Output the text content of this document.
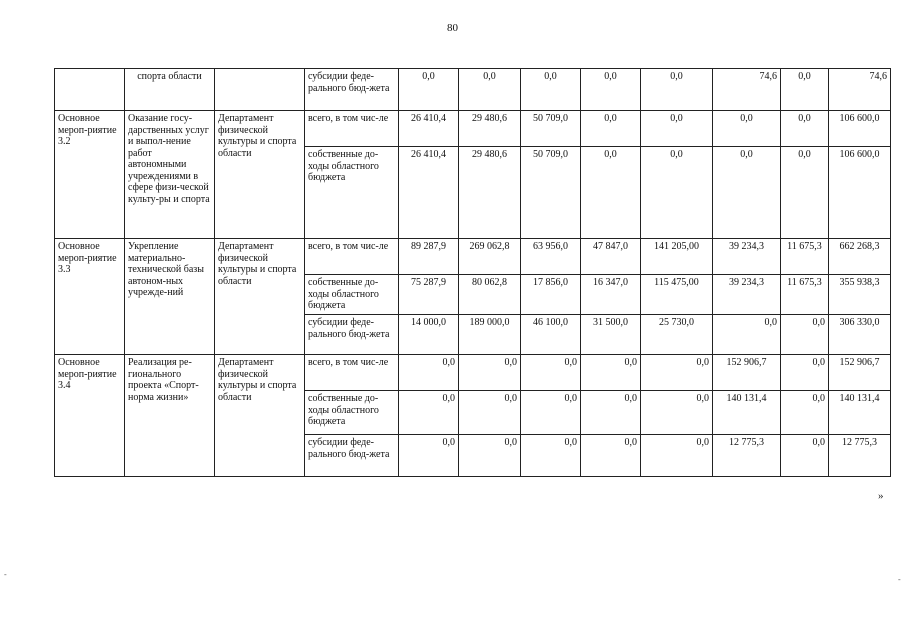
80
	спорта области		субсидии феде-ральнoго бюд-жета	0,0	0,0	0,0	0,0	0,0	74,6	0,0	74,6
Основное мероп-риятие 3.2	Оказание госу-дарственных услуг и выпол-нение работ автономными учреждениями в сфере физи-ческой культу-ры и спорта	Департамент физической культуры и спорта области	всего, в том чис-ле	26 410,4	29 480,6	50 709,0	0,0	0,0	0,0	0,0	106 600,0
			собственные до-ходы областного бюджета	26 410,4	29 480,6	50 709,0	0,0	0,0	0,0	0,0	106 600,0
Основное мероп-риятие 3.3	Укрепление материально-технической базы автоном-ных учрежде-ний	Департамент физической культуры и спорта области	всего, в том чис-ле	89 287,9	269 062,8	63 956,0	47 847,0	141 205,00	39 234,3	11 675,3	662 268,3
			собственные до-ходы областного бюджета	75 287,9	80 062,8	17 856,0	16 347,0	115 475,00	39 234,3	11 675,3	355 938,3
			субсидии феде-рального бюд-жета	14 000,0	189 000,0	46 100,0	31 500,0	25 730,0	0,0	0,0	306 330,0
Основное мероп-риятие 3.4	Реализация ре-гионального проекта «Спорт-норма жизни»	Департамент физической культуры и спорта области	всего, в том чис-ле	0,0	0,0	0,0	0,0	0,0	152 906,7	0,0	152 906,7
			собственные до-ходы областного бюджета	0,0	0,0	0,0	0,0	0,0	140 131,4	0,0	140 131,4
			субсидии феде-рального бюд-жета	0,0	0,0	0,0	0,0	0,0	12 775,3	0,0	12 775,3
»
-
-
